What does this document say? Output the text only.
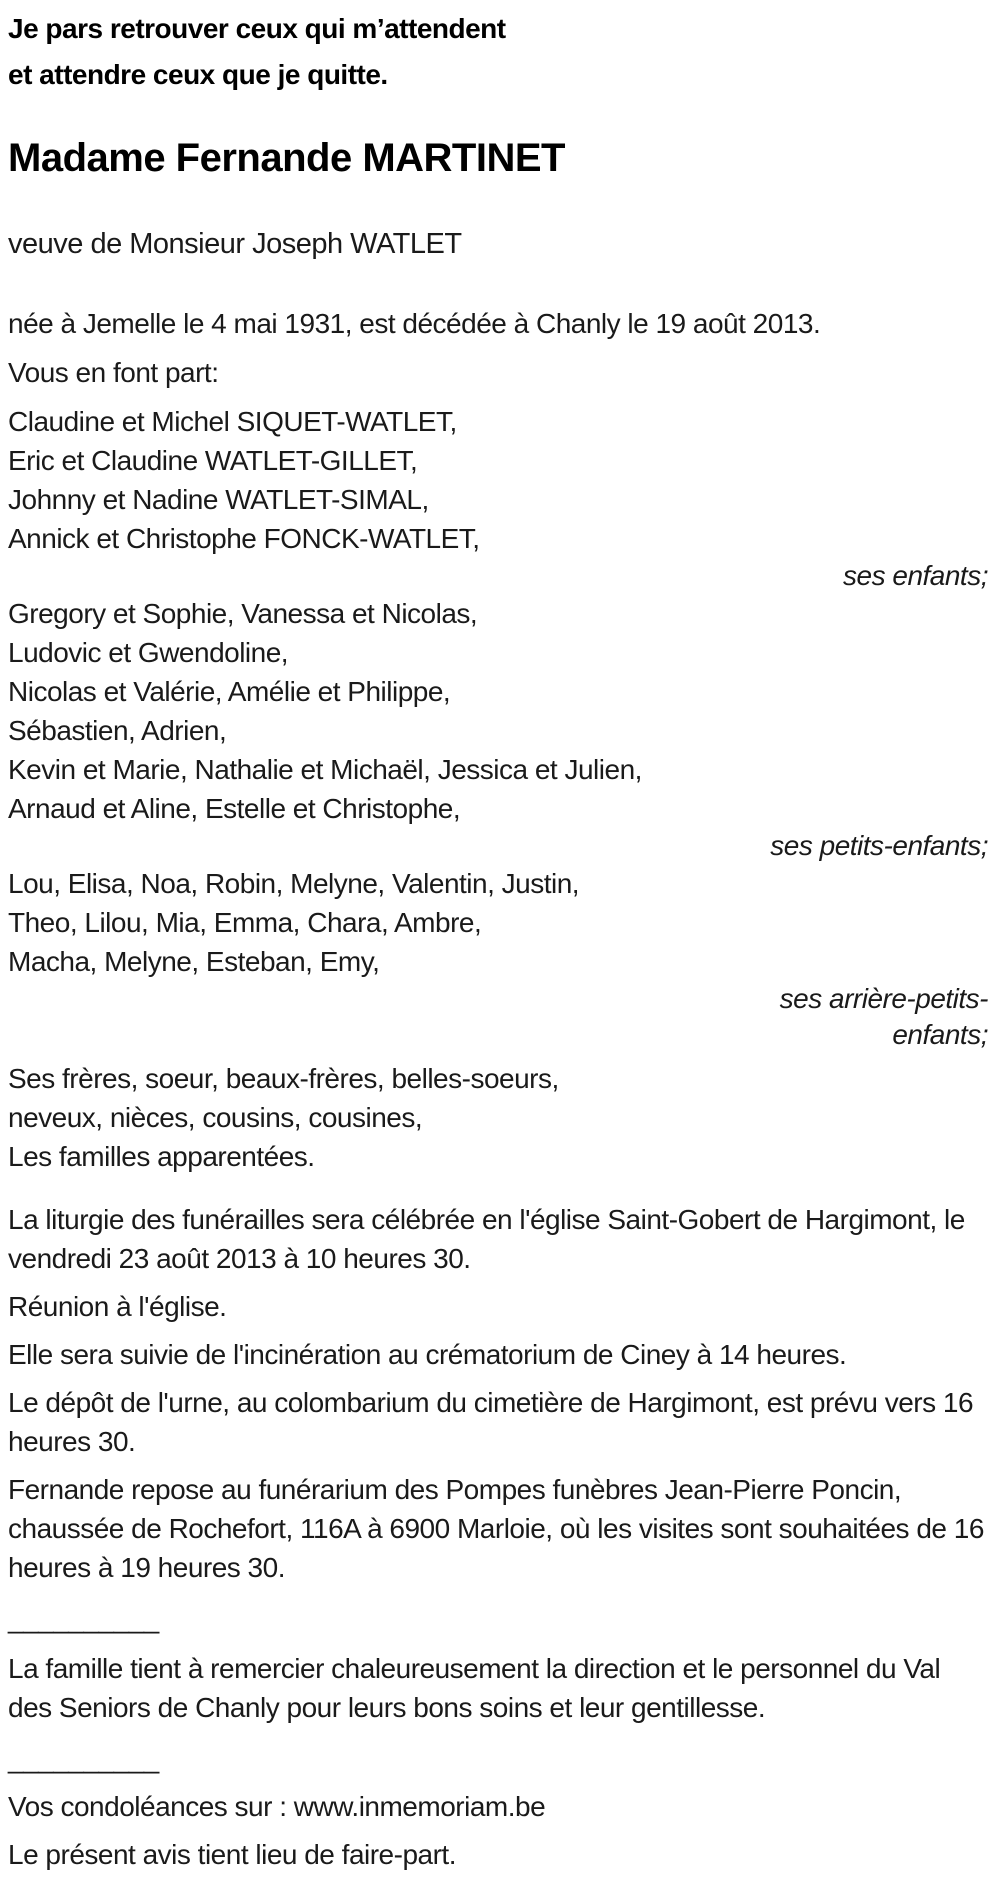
Je pars retrouver ceux qui m’attendent

et attendre ceux que je quitte.

Madame Fernande MARTINET

veuve de Monsieur Joseph WATLET

née à Jemelle le 4 mai 1931, est décédée à Chanly le 19 août 2013.

Vous en font part:

Claudine et Michel SIQUET-WATLET,

Eric et Claudine WATLET-GILLET,

Johnny et Nadine WATLET-SIMAL,

Annick et Christophe FONCK-WATLET,

ses enfants;

Gregory et Sophie, Vanessa et Nicolas,

Ludovic et Gwendoline,

Nicolas et Valérie, Amélie et Philippe,

Sébastien, Adrien,

Kevin et Marie, Nathalie et Michaël, Jessica et Julien,

Arnaud et Aline, Estelle et Christophe,

ses petits-enfants;

Lou, Elisa, Noa, Robin, Melyne, Valentin, Justin,

Theo, Lilou, Mia, Emma, Chara, Ambre,

Macha, Melyne, Esteban, Emy,

ses arrière-petits-enfants;

Ses frères, soeur, beaux-frères, belles-soeurs,

neveux, nièces, cousins, cousines,

Les familles apparentées.

La liturgie des funérailles sera célébrée en l'église Saint-Gobert de Hargimont, le vendredi 23 août 2013 à 10 heures 30.

Réunion à l'église.

Elle sera suivie de l'incinération au crématorium de Ciney à 14 heures.

Le dépôt de l'urne, au colombarium du cimetière de Hargimont, est prévu vers 16 heures 30.

Fernande repose au funérarium des Pompes funèbres Jean-Pierre Poncin, chaussée de Rochefort, 116A à 6900 Marloie, où les visites sont souhaitées de 16 heures à 19 heures 30.

__________

La famille tient à remercier chaleureusement la direction et le personnel du Val des Seniors de Chanly pour leurs bons soins et leur gentillesse.

__________

Vos condoléances sur : www.inmemoriam.be

Le présent avis tient lieu de faire-part.
